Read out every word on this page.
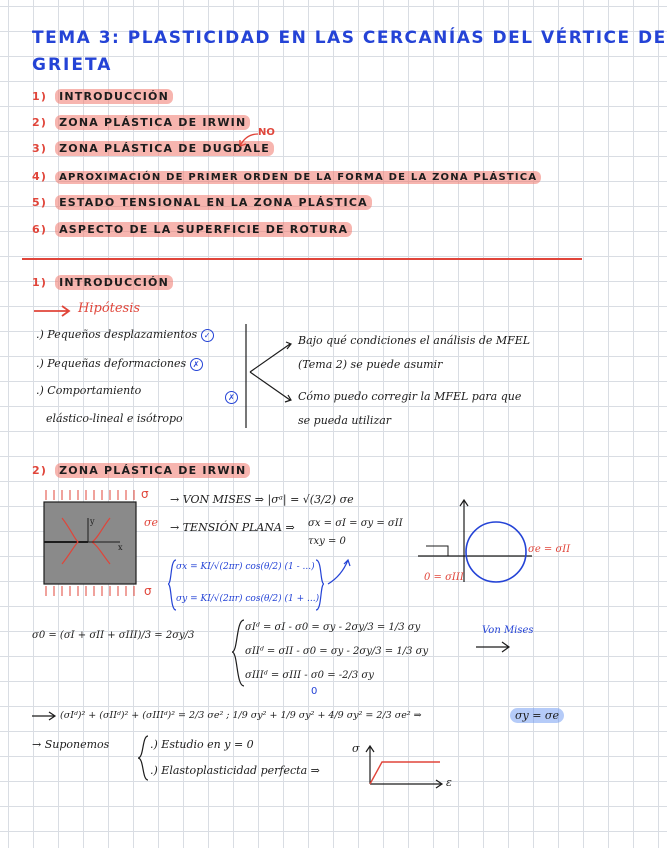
TEMA 3: PLASTICIDAD EN LAS CERCANÍAS DEL VÉRTICE DE
GRIETA
1) INTRODUCCIÓN
2) ZONA PLÁSTICA DE IRWIN
3) ZONA PLÁSTICA DE DUGDALE
NO
4) APROXIMACIÓN DE PRIMER ORDEN DE LA FORMA DE LA ZONA PLÁSTICA
5) ESTADO TENSIONAL EN LA ZONA PLÁSTICA
6) ASPECTO DE LA SUPERFICIE DE ROTURA
1) INTRODUCCIÓN
Hipótesis
.) Pequeños desplazamientos ✓
.) Pequeñas deformaciones ✗
.) Comportamiento
elástico-lineal e isótropo
✗
Bajo qué condiciones el análisis de MFEL
(Tema 2) se puede asumir
Cómo puedo corregir la MFEL para que
se pueda utilizar
2) ZONA PLÁSTICA DE IRWIN
y
x
σ
σ
σe
→ VON MISES ⇒ |σᵃ| = √(3/2) σe
→ TENSIÓN PLANA ⇒ σx = σI = σy = σII
τxy = 0
σe = σII
0 = σIII
σx = KI/√(2πr) cos(θ/2) (1 - ...)
σy = KI/√(2πr) cos(θ/2) (1 + ...)
σ0 = (σI + σII + σIII)/3 = 2σy/3
σIᵈ = σI - σ0 = σy - 2σy/3 = 1/3 σy
σIIᵈ = σII - σ0 = σy - 2σy/3 = 1/3 σy
σIIIᵈ = σIII - σ0 = -2/3 σy
0
Von Mises
(σIᵈ)² + (σIIᵈ)² + (σIIIᵈ)² = 2/3 σe² ; 1/9 σy² + 1/9 σy² + 4/9 σy² = 2/3 σe² ⇒	σy = σe
→ Suponemos	.) Estudio en y = 0
.) Elastoplasticidad perfecta ⇒
σ
ε
